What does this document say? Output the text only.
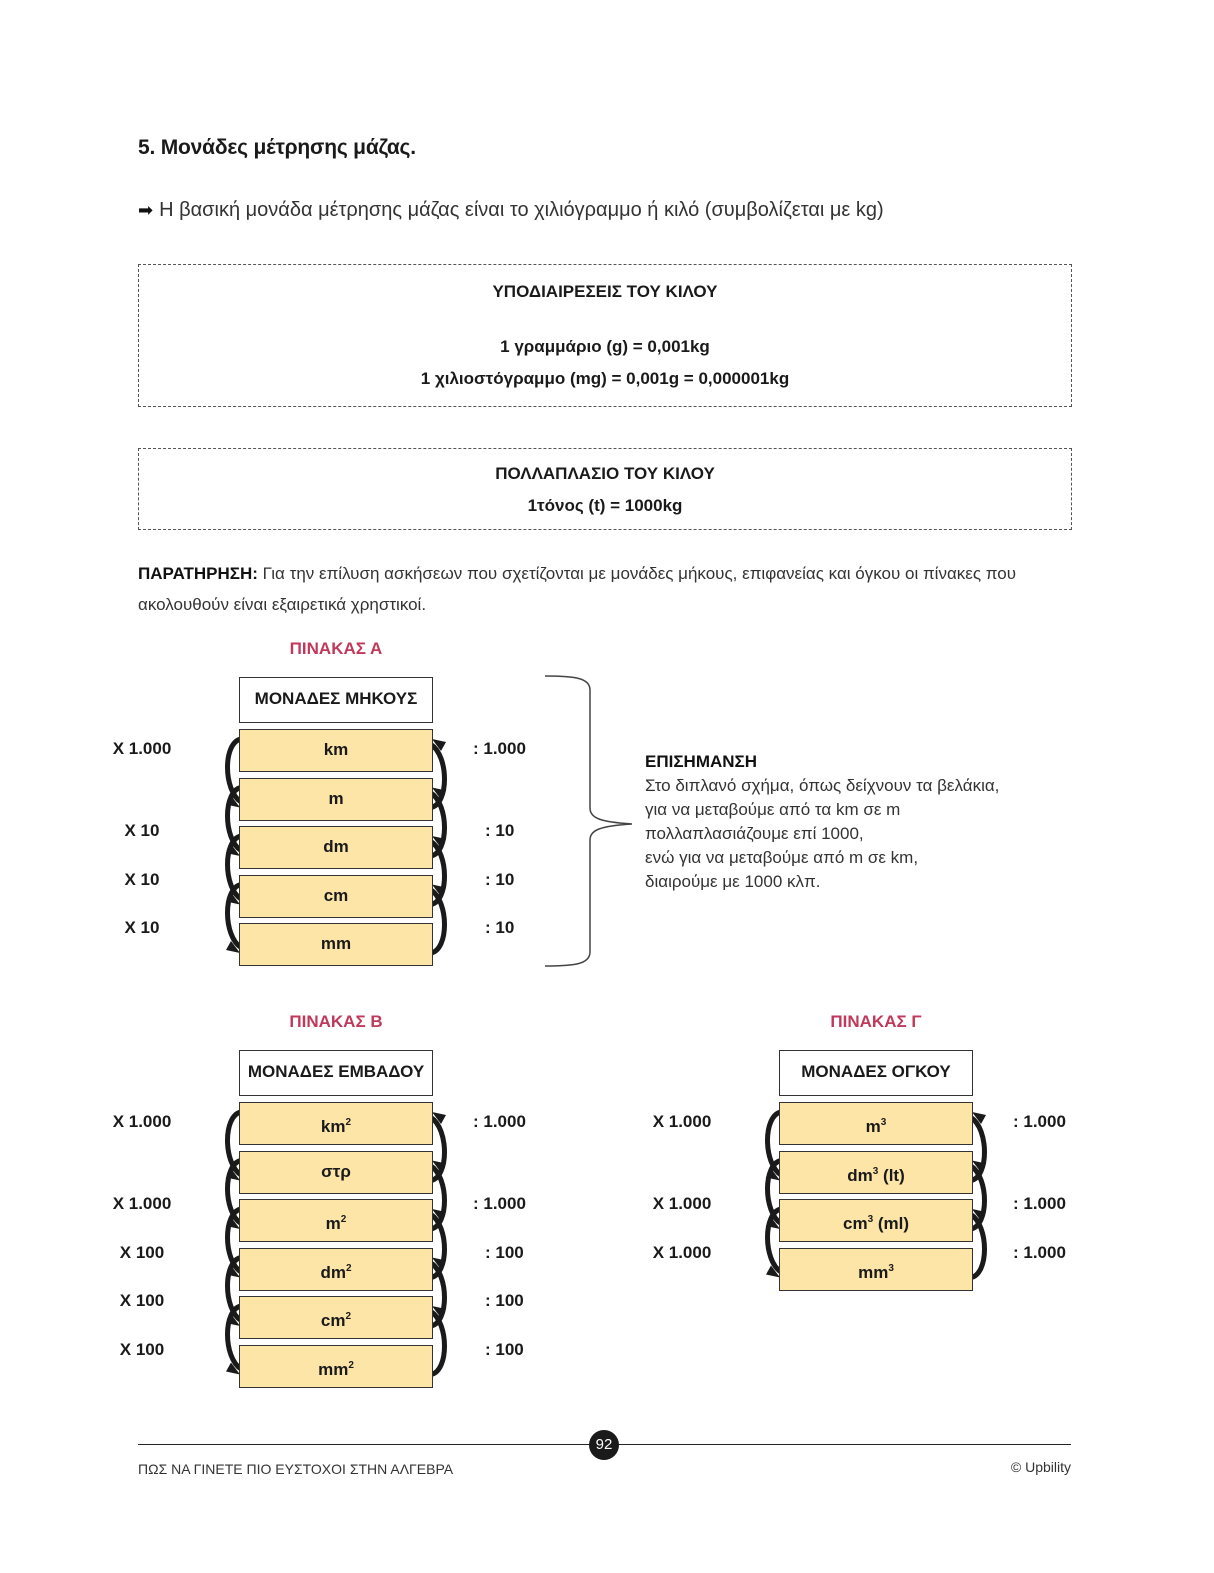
5. Μονάδες μέτρησης μάζας.
➡ Η βασική μονάδα μέτρησης μάζας είναι το χιλιόγραμμο ή κιλό (συμβολίζεται με kg)
ΥΠΟΔΙΑΙΡΕΣΕΙΣ ΤΟΥ ΚΙΛΟΥ
1 γραμμάριο (g) = 0,001kg
1 χιλιοστόγραμμο (mg) = 0,001g = 0,000001kg
ΠΟΛΛΑΠΛΑΣΙΟ ΤΟΥ ΚΙΛΟΥ
1τόνος (t) = 1000kg
ΠΑΡΑΤΗΡΗΣΗ: Για την επίλυση ασκήσεων που σχετίζονται με μονάδες μήκους, επιφανείας και όγκου οι πίνακες που ακολουθούν είναι εξαιρετικά χρηστικοί.
ΠΙΝΑΚΑΣ Α
ΜΟΝΑΔΕΣ ΜΗΚΟΥΣ
km
m
dm
cm
mm
X 1.000	: 1.000
X 10	: 10
X 10	: 10
X 10	: 10
ΠΙΝΑΚΑΣ Β
ΜΟΝΑΔΕΣ ΕΜΒΑΔΟΥ
$km^2$
στρ
$m^2$
$dm^2$
$cm^2$
$mm^2$
X 1.000	: 1.000
X 1.000	: 1.000
X 100	: 100
X 100	: 100
X 100	: 100
ΠΙΝΑΚΑΣ Γ
ΜΟΝΑΔΕΣ ΟΓΚΟΥ
$m^3$
$dm^3$ (lt)
$cm^3$ (ml)
$mm^3$
X 1.000	: 1.000
X 1.000	: 1.000
X 1.000	: 1.000
ΕΠΙΣΗΜΑΝΣΗ
Στο διπλανό σχήμα, όπως δείχνουν τα βελάκια,
για να μεταβούμε από τα km σε m
πολλαπλασιάζουμε επί 1000,
ενώ για να μεταβούμε από m σε km,
διαιρούμε με 1000 κλπ.
92
ΠΩΣ ΝΑ ΓΙΝΕΤΕ ΠΙΟ ΕΥΣΤΟΧΟΙ ΣΤΗΝ ΑΛΓΕΒΡΑ	© Upbility
